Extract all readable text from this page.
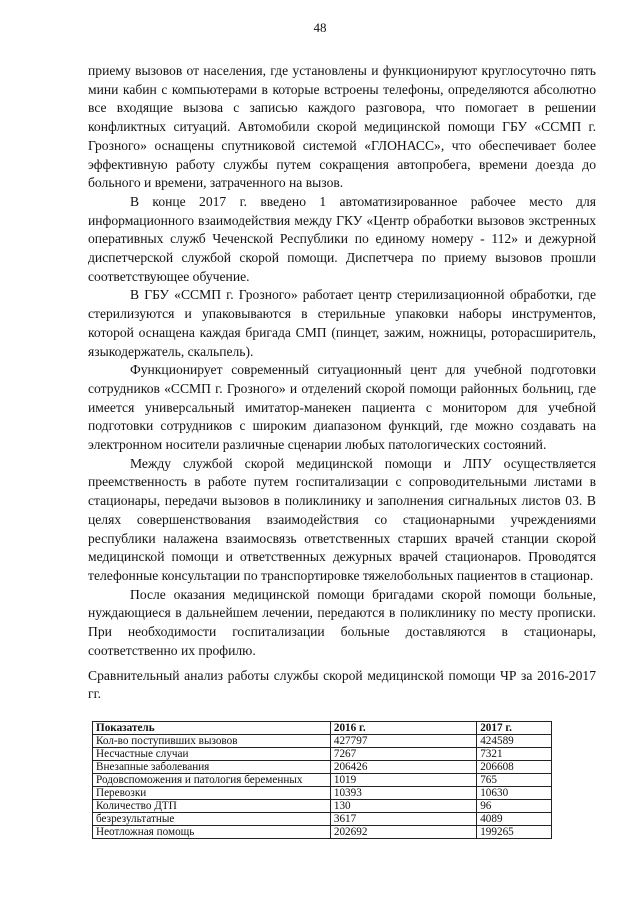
48

приему вызовов от населения, где установлены и функционируют круглосуточно пять мини кабин с компьютерами в которые встроены телефоны, определяются абсолютно все входящие вызова с записью каждого разговора, что помогает в решении конфликтных ситуаций. Автомобили скорой медицинской помощи ГБУ «ССМП г. Грозного» оснащены спутниковой системой «ГЛОНАСС», что обеспечивает более эффективную работу службы путем сокращения автопробега, времени доезда до больного и времени, затраченного на вызов.

В конце 2017 г. введено 1 автоматизированное рабочее место для информационного взаимодействия между ГКУ «Центр обработки вызовов экстренных оперативных служб Чеченской Республики по единому номеру - 112» и дежурной диспетчерской службой скорой помощи. Диспетчера по приему вызовов прошли соответствующее обучение.

В ГБУ «ССМП г. Грозного» работает центр стерилизационной обработки, где стерилизуются и упаковываются в стерильные упаковки наборы инструментов, которой оснащена каждая бригада СМП (пинцет, зажим, ножницы, роторасширитель, языкодержатель, скальпель).

Функционирует современный ситуационный цент для учебной подготовки сотрудников «ССМП г. Грозного» и отделений скорой помощи районных больниц, где имеется универсальный имитатор-манекен пациента с монитором для учебной подготовки сотрудников с широким диапазоном функций, где можно создавать на электронном носители различные сценарии любых патологических состояний.

Между службой скорой медицинской помощи и ЛПУ осуществляется преемственность в работе путем госпитализации с сопроводительными листами в стационары, передачи вызовов в поликлинику и заполнения сигнальных листов 03. В целях совершенствования взаимодействия со стационарными учреждениями республики налажена взаимосвязь ответственных старших врачей станции скорой медицинской помощи и ответственных дежурных врачей стационаров. Проводятся телефонные консультации по транспортировке тяжелобольных пациентов в стационар.

После оказания медицинской помощи бригадами скорой помощи больные, нуждающиеся в дальнейшем лечении, передаются в поликлинику по месту прописки. При необходимости госпитализации больные доставляются в стационары, соответственно их профилю.

Сравнительный анализ работы службы скорой медицинской помощи ЧР за 2016-2017 гг.

Показатель	2016 г.	2017 г.
Кол-во поступивших вызовов	427797	424589
Несчастные случаи	7267	7321
Внезапные заболевания	206426	206608
Родовспоможения и патология беременных	1019	765
Перевозки	10393	10630
Количество ДТП	130	96
безрезультатные	3617	4089
Неотложная помощь	202692	199265
